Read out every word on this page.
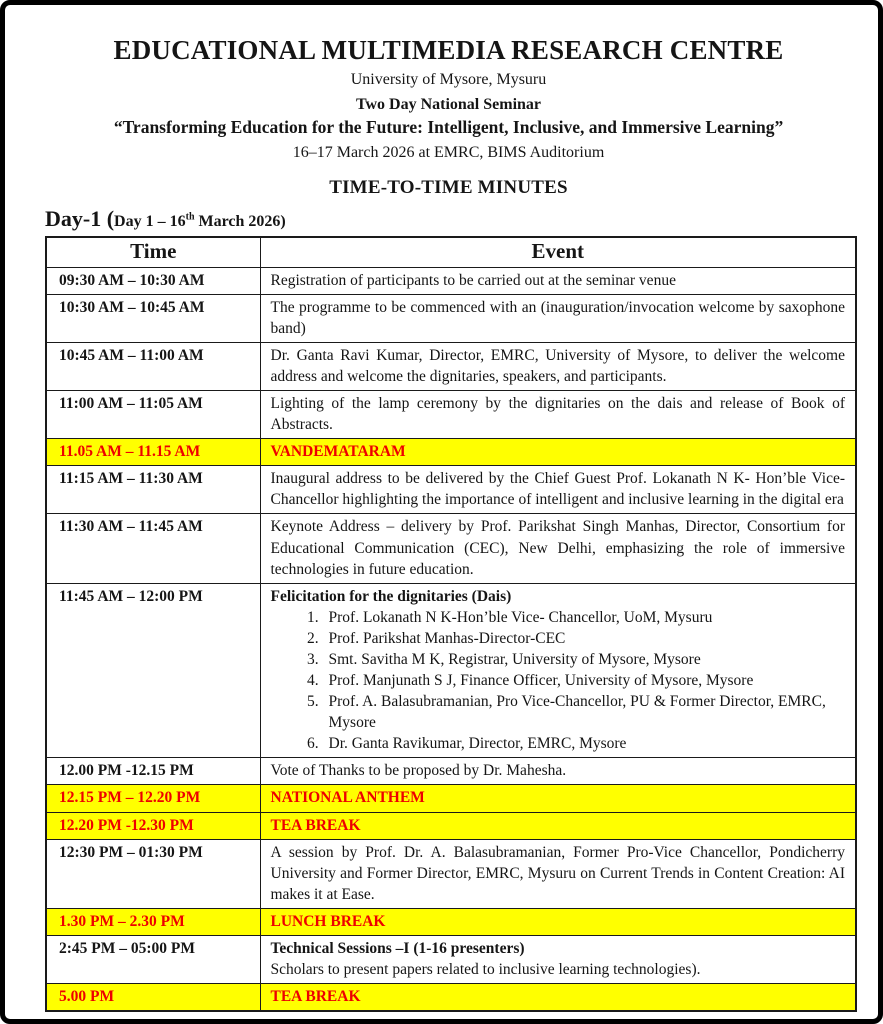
EDUCATIONAL MULTIMEDIA RESEARCH CENTRE
University of Mysore, Mysuru
Two Day National Seminar
“Transforming Education for the Future: Intelligent, Inclusive, and Immersive Learning”
16–17 March 2026 at EMRC, BIMS Auditorium
TIME-TO-TIME MINUTES
Day-1 (Day 1 – 16th March 2026)
Time	Event
09:30 AM – 10:30 AM	Registration of participants to be carried out at the seminar venue

10:30 AM – 10:45 AM	The programme to be commenced with an (inauguration/invocation welcome by saxophone band)

10:45 AM – 11:00 AM	Dr. Ganta Ravi Kumar, Director, EMRC, University of Mysore, to deliver the welcome address and welcome the dignitaries, speakers, and participants.

11:00 AM – 11:05 AM	Lighting of the lamp ceremony by the dignitaries on the dais and release of Book of Abstracts.

11.05 AM – 11.15 AM	VANDEMATARAM

11:15 AM – 11:30 AM	Inaugural address to be delivered by the Chief Guest Prof. Lokanath N K- Hon’ble Vice- Chancellor highlighting the importance of intelligent and inclusive learning in the digital era

11:30 AM – 11:45 AM	Keynote Address – delivery by Prof. Parikshat Singh Manhas, Director, Consortium for Educational Communication (CEC), New Delhi, emphasizing the role of immersive technologies in future education.

11:45 AM – 12:00 PM	Felicitation for the dignitaries (Dais)
1. Prof. Lokanath N K-Hon’ble Vice- Chancellor, UoM, Mysuru
2. Prof. Parikshat Manhas-Director-CEC
3. Smt. Savitha M K, Registrar, University of Mysore, Mysore
4. Prof. Manjunath S J, Finance Officer, University of Mysore, Mysore
5. Prof. A. Balasubramanian, Pro Vice-Chancellor, PU & Former Director, EMRC, Mysore
6. Dr. Ganta Ravikumar, Director, EMRC, Mysore

12.00 PM -12.15 PM	Vote of Thanks to be proposed by Dr. Mahesha.

12.15 PM – 12.20 PM	NATIONAL ANTHEM

12.20 PM -12.30 PM	TEA BREAK

12:30 PM – 01:30 PM	A session by Prof. Dr. A. Balasubramanian, Former Pro-Vice Chancellor, Pondicherry University and Former Director, EMRC, Mysuru on Current Trends in Content Creation: AI makes it at Ease.

1.30 PM – 2.30 PM	LUNCH BREAK

2:45 PM – 05:00 PM	Technical Sessions –I (1-16 presenters)
Scholars to present papers related to inclusive learning technologies).

5.00 PM	TEA BREAK
